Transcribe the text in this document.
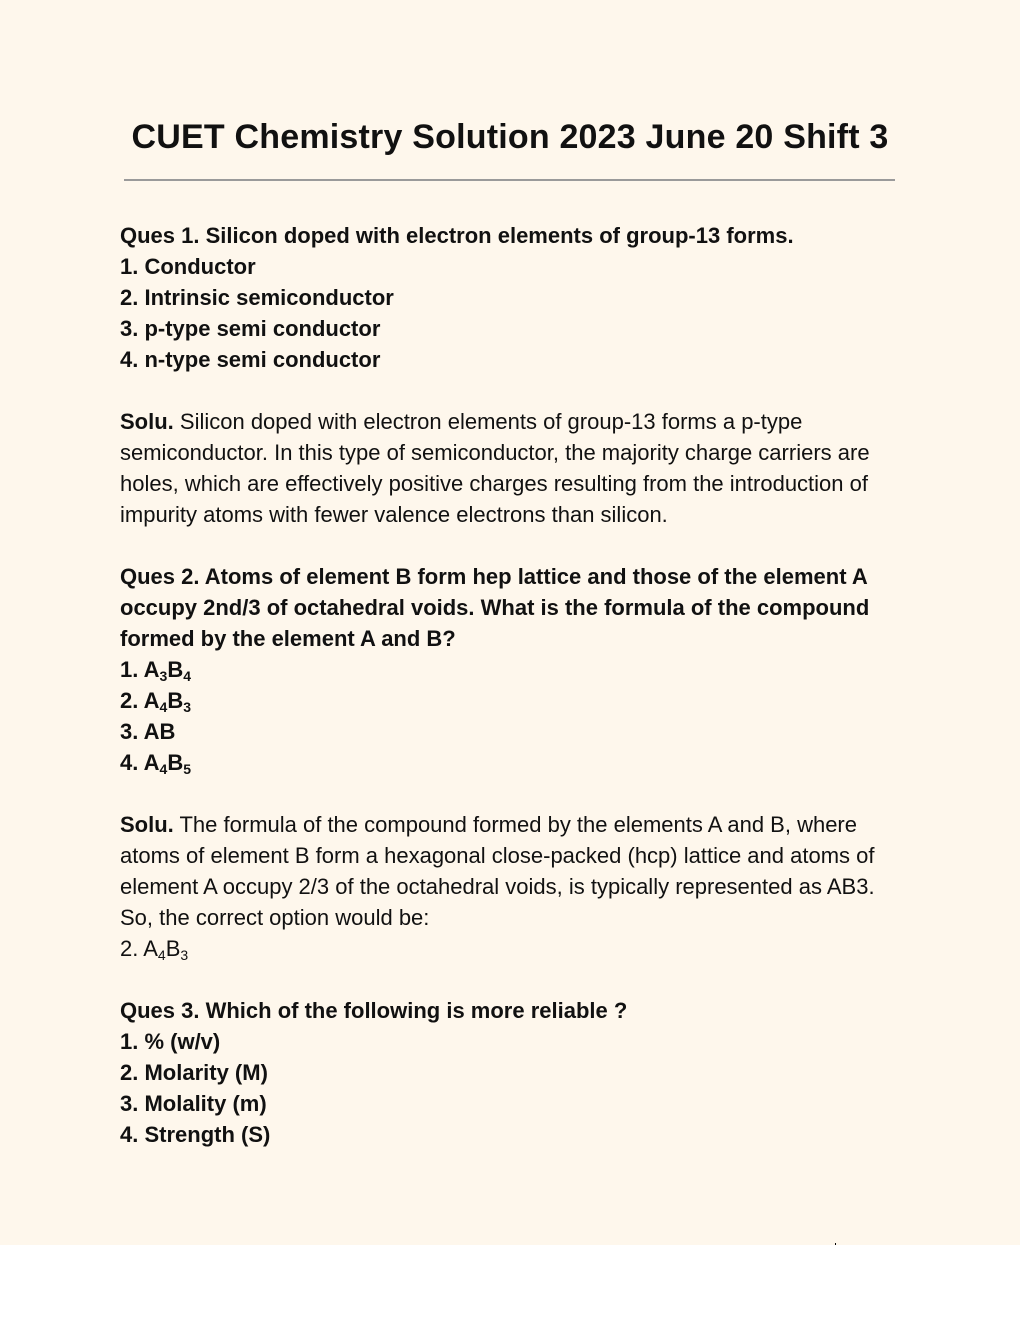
CUET Chemistry Solution 2023 June 20 Shift 3
Ques 1. Silicon doped with electron elements of group-13 forms.
1. Conductor
2. Intrinsic semiconductor
3. p-type semi conductor
4. n-type semi conductor
Solu. Silicon doped with electron elements of group-13 forms a p-type semiconductor. In this type of semiconductor, the majority charge carriers are holes, which are effectively positive charges resulting from the introduction of impurity atoms with fewer valence electrons than silicon.
Ques 2. Atoms of element B form hep lattice and those of the element A occupy 2nd/3 of octahedral voids. What is the formula of the compound formed by the element A and B?
1. $A_3B_4$
2. $A_4B_3$
3. AB
4. $A_4B_5$
Solu. The formula of the compound formed by the elements A and B, where atoms of element B form a hexagonal close-packed (hcp) lattice and atoms of element A occupy 2/3 of the octahedral voids, is typically represented as AB3. So, the correct option would be:
2. $A_4B_3$
Ques 3. Which of the following is more reliable ?
1. % (w/v)
2. Molarity (M)
3. Molality (m)
4. Strength (S)
